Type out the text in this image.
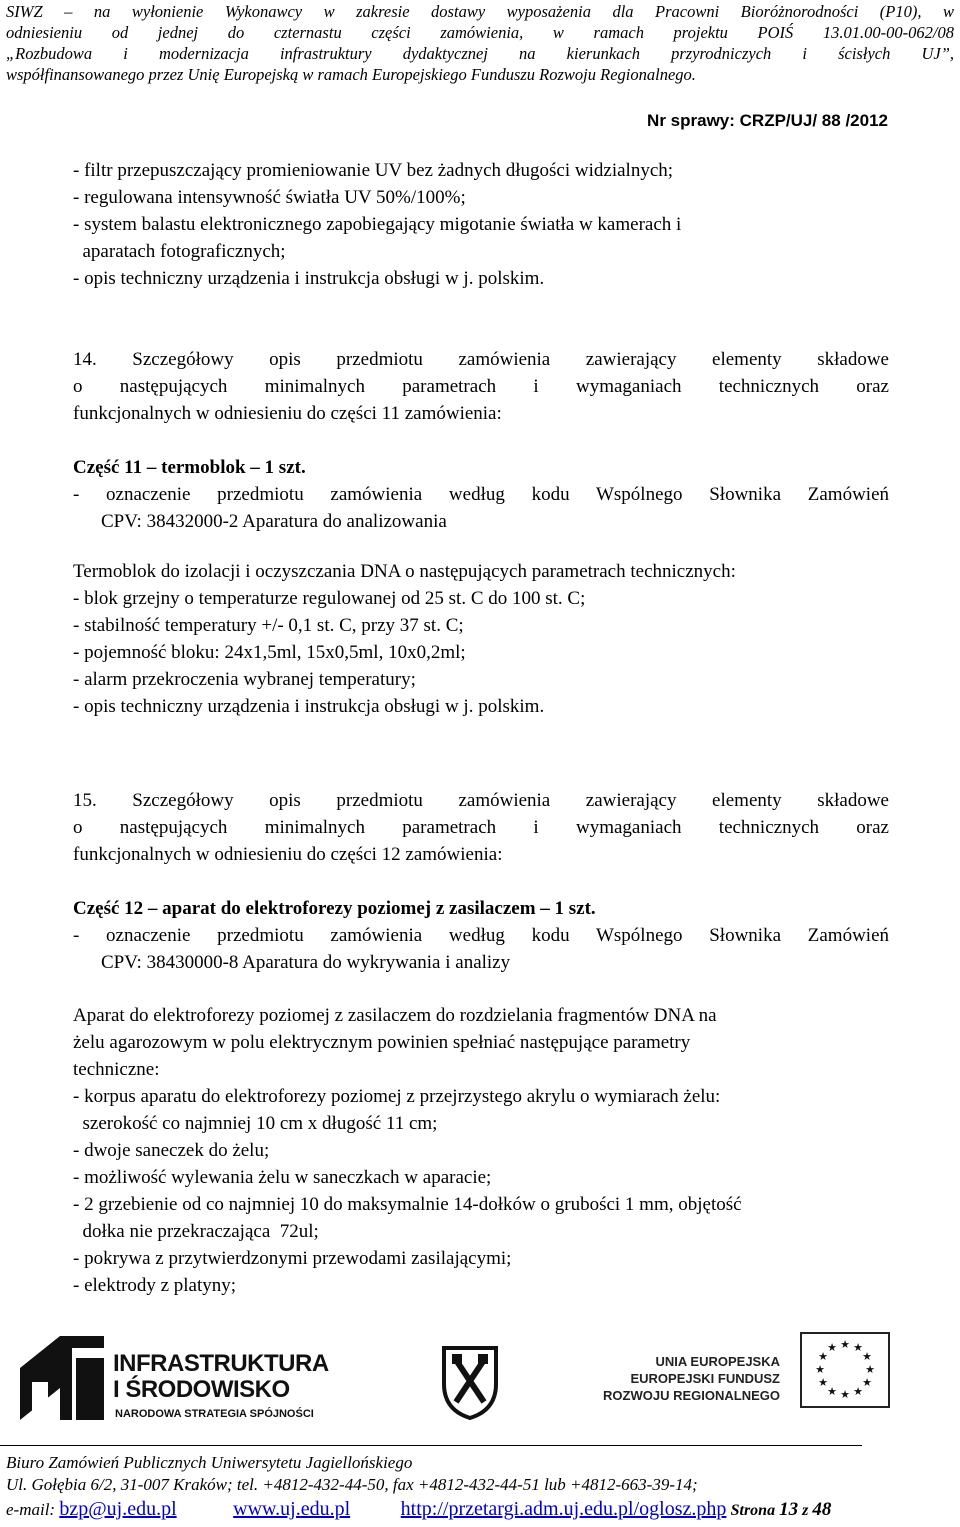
SIWZ – na wyłonienie Wykonawcy w zakresie dostawy wyposażenia dla Pracowni Bioróżnorodności (P10), w
odniesieniu od jednej do czternastu części zamówienia, w ramach projektu POIŚ 13.01.00-00-062/08
„Rozbudowa i modernizacja infrastruktury dydaktycznej na kierunkach przyrodniczych i ścisłych UJ”,
współfinansowanego przez Unię Europejską w ramach Europejskiego Funduszu Rozwoju Regionalnego.
Nr sprawy: CRZP/UJ/ 88 /2012
- filtr przepuszczający promieniowanie UV bez żadnych długości widzialnych;
- regulowana intensywność światła UV 50%/100%;
- system balastu elektronicznego zapobiegający migotanie światła w kamerach i
aparatach fotograficznych;
- opis techniczny urządzenia i instrukcja obsługi w j. polskim.
14. Szczegółowy opis przedmiotu zamówienia zawierający elementy składowe
o następujących minimalnych parametrach i wymaganiach technicznych oraz
funkcjonalnych w odniesieniu do części 11 zamówienia:
Część 11 – termoblok – 1 szt.
- oznaczenie przedmiotu zamówienia według kodu Wspólnego Słownika Zamówień
CPV: 38432000-2 Aparatura do analizowania
Termoblok do izolacji i oczyszczania DNA o następujących parametrach technicznych:
- blok grzejny o temperaturze regulowanej od 25 st. C do 100 st. C;
- stabilność temperatury +/- 0,1 st. C, przy 37 st. C;
- pojemność bloku: 24x1,5ml, 15x0,5ml, 10x0,2ml;
- alarm przekroczenia wybranej temperatury;
- opis techniczny urządzenia i instrukcja obsługi w j. polskim.
15. Szczegółowy opis przedmiotu zamówienia zawierający elementy składowe
o następujących minimalnych parametrach i wymaganiach technicznych oraz
funkcjonalnych w odniesieniu do części 12 zamówienia:
Część 12 – aparat do elektroforezy poziomej z zasilaczem – 1 szt.
- oznaczenie przedmiotu zamówienia według kodu Wspólnego Słownika Zamówień
CPV: 38430000-8 Aparatura do wykrywania i analizy
Aparat do elektroforezy poziomej z zasilaczem do rozdzielania fragmentów DNA na
żelu agarozowym w polu elektrycznym powinien spełniać następujące parametry
techniczne:
- korpus aparatu do elektroforezy poziomej z przejrzystego akrylu o wymiarach żelu:
szerokość co najmniej 10 cm x długość 11 cm;
- dwoje saneczek do żelu;
- możliwość wylewania żelu w saneczkach w aparacie;
- 2 grzebienie od co najmniej 10 do maksymalnie 14-dołków o grubości 1 mm, objętość
dołka nie przekraczająca  72ul;
- pokrywa z przytwierdzonymi przewodami zasilającymi;
- elektrody z platyny;
INFRASTRUKTURA
I ŚRODOWISKO
NARODOWA STRATEGIA SPÓJNOŚCI
UNIA EUROPEJSKA
EUROPEJSKI FUNDUSZ
ROZWOJU REGIONALNEGO
★ ★
★
★
★
★
★
★
★
★
★
★
Biuro Zamówień Publicznych Uniwersytetu Jagiellońskiego
Ul. Gołębia 6/2, 31-007 Kraków; tel. +4812-432-44-50, fax +4812-432-44-51 lub +4812-663-39-14;
e-mail: bzp@uj.edu.pl	www.uj.edu.pl	http://przetargi.adm.uj.edu.pl/oglosz.php Strona 13 z 48
